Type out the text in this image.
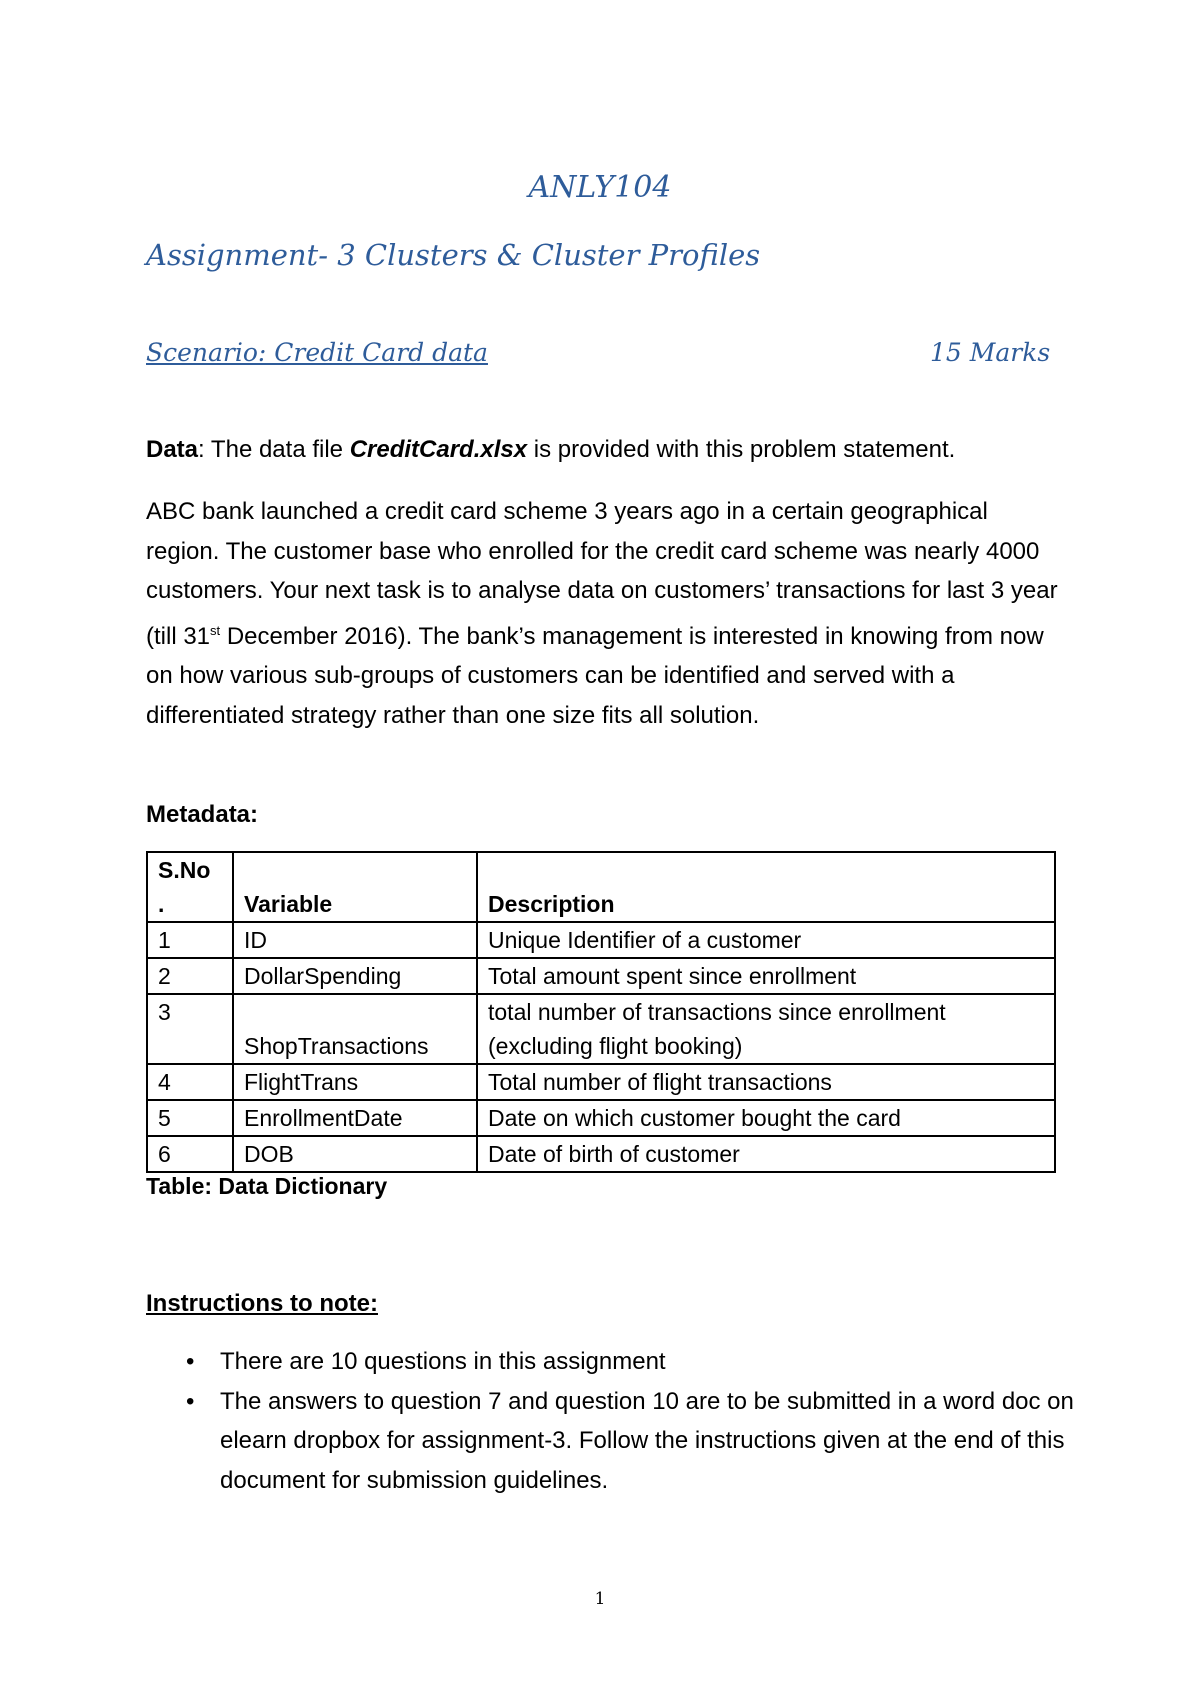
ANLY104
Assignment- 3 Clusters & Cluster Profiles
Scenario: Credit Card data	15 Marks
Data: The data file CreditCard.xlsx is provided with this problem statement.
ABC bank launched a credit card scheme 3 years ago in a certain geographical region. The customer base who enrolled for the credit card scheme was nearly 4000 customers. Your next task is to analyse data on customers’ transactions for last 3 year (till 31st December 2016). The bank’s management is interested in knowing from now on how various sub-groups of customers can be identified and served with a differentiated strategy rather than one size fits all solution.
Metadata:
S.No
.	Variable	Description
1	ID	Unique Identifier of a customer
2	DollarSpending	Total amount spent since enrollment
3	ShopTransactions	total number of transactions since enrollment
(excluding flight booking)
4	FlightTrans	Total number of flight transactions
5	EnrollmentDate	Date on which customer bought the card
6	DOB	Date of birth of customer
Table: Data Dictionary
Instructions to note:
• There are 10 questions in this assignment
• The answers to question 7 and question 10 are to be submitted in a word doc on elearn dropbox for assignment-3. Follow the instructions given at the end of this document for submission guidelines.
1
